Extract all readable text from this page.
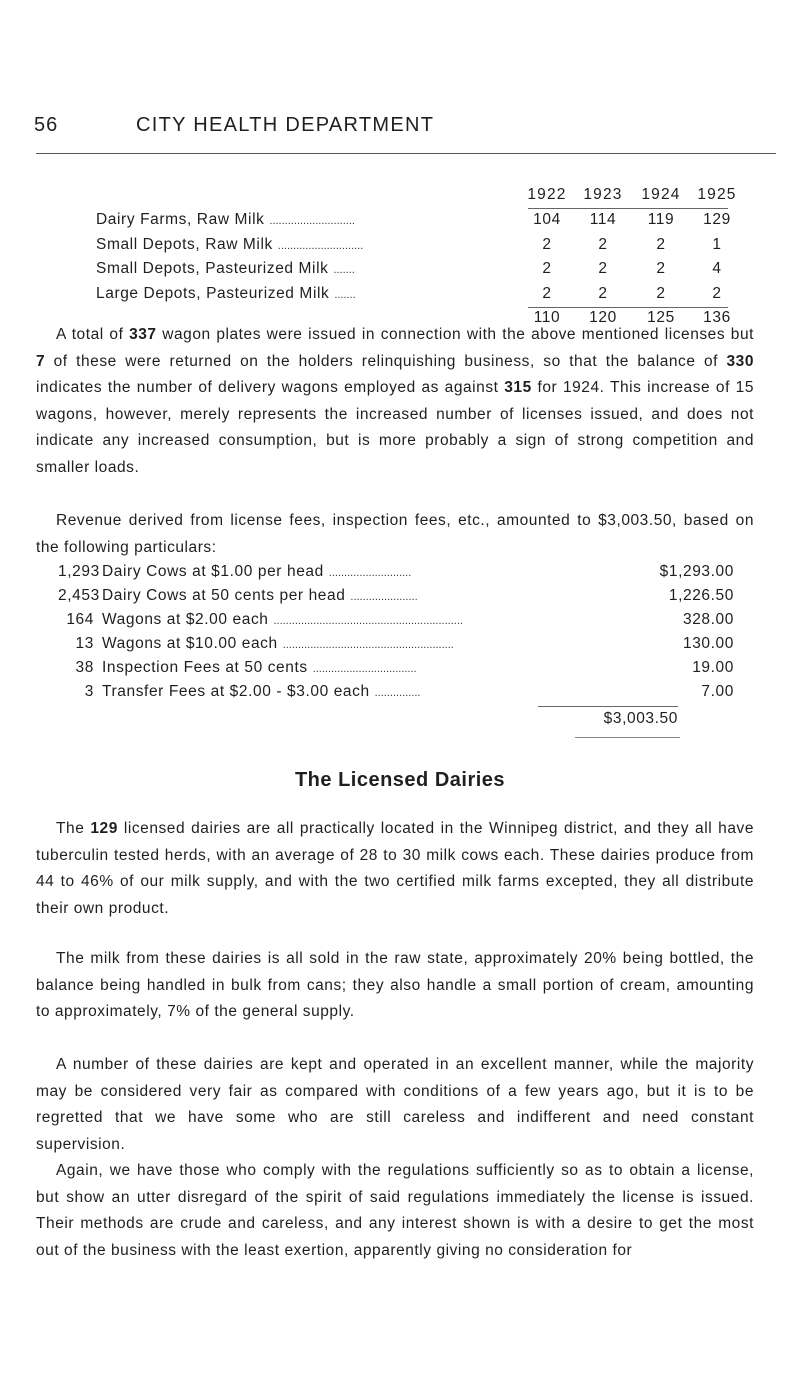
56	CITY HEALTH DEPARTMENT
1922	1923	1924	1925
Dairy Farms, Raw Milk ............................	104	114	119	129
Small Depots, Raw Milk ............................	2	2	2	1
Small Depots, Pasteurized Milk .......	2	2	2	4
Large Depots, Pasteurized Milk .......	2	2	2	2
110	120	125	136

A total of 337 wagon plates were issued in connection with the above mentioned licenses but 7 of these were returned on the holders relinquishing business, so that the balance of 330 indicates the number of delivery wagons employed as against 315 for 1924. This increase of 15 wagons, however, merely represents the increased number of licenses issued, and does not indicate any increased consumption, but is more probably a sign of strong competition and smaller loads.

Revenue derived from license fees, inspection fees, etc., amounted to $3,003.50, based on the following particulars:

1,293 Dairy Cows at $1.00 per head ...........................	$1,293.00
2,453 Dairy Cows at 50 cents per head ......................	1,226.50
164 Wagons at $2.00 each ..............................................................	328.00
13 Wagons at $10.00 each ........................................................	130.00
38 Inspection Fees at 50 cents ..................................	19.00
3 Transfer Fees at $2.00 - $3.00 each ...............	7.00
$3,003.50
The Licensed Dairies

The 129 licensed dairies are all practically located in the Winnipeg district, and they all have tuberculin tested herds, with an average of 28 to 30 milk cows each. These dairies produce from 44 to 46% of our milk supply, and with the two certified milk farms excepted, they all distribute their own product.

The milk from these dairies is all sold in the raw state, approximately 20% being bottled, the balance being handled in bulk from cans; they also handle a small portion of cream, amounting to approximately, 7% of the general supply.

A number of these dairies are kept and operated in an excellent manner, while the majority may be considered very fair as compared with conditions of a few years ago, but it is to be regretted that we have some who are still careless and indifferent and need constant supervision.

Again, we have those who comply with the regulations sufficiently so as to obtain a license, but show an utter disregard of the spirit of said regulations immediately the license is issued. Their methods are crude and careless, and any interest shown is with a desire to get the most out of the business with the least exertion, apparently giving no consideration for
